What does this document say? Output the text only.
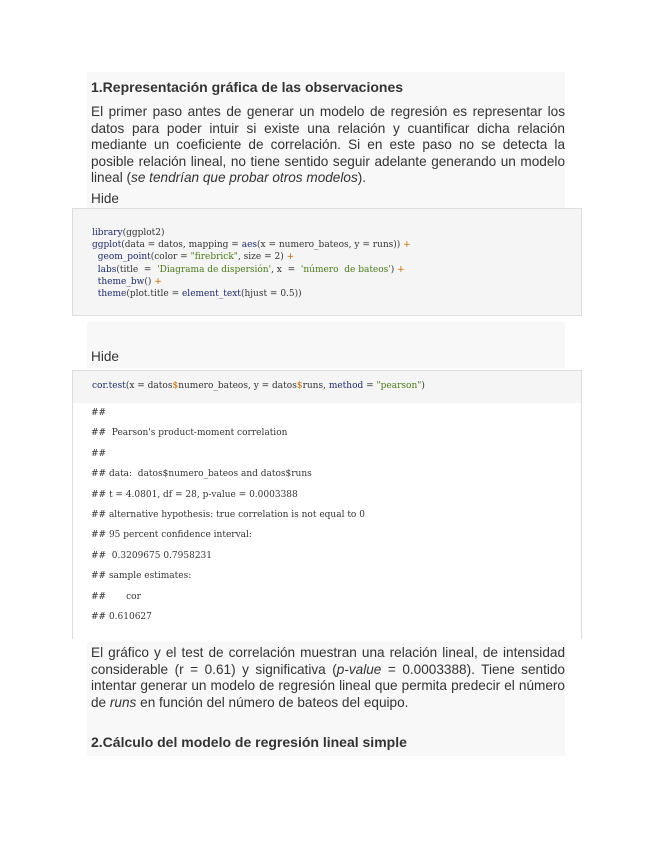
1.Representación gráfica de las observaciones

El primer paso antes de generar un modelo de regresión es representar los datos para poder intuir si existe una relación y cuantificar dicha relación mediante un coeficiente de correlación. Si en este paso no se detecta la posible relación lineal, no tiene sentido seguir adelante generando un modelo lineal (se tendrían que probar otros modelos).

Hide
library(ggplot2)
ggplot(data = datos, mapping = aes(x = numero_bateos, y = runs)) +
geom_point(color = "firebrick", size = 2) +
labs(title  =  'Diagrama de dispersión', x  =  'número  de bateos') +
theme_bw() +
theme(plot.title = element_text(hjust = 0.5))
Hide
cor.test(x = datos$numero_bateos, y = datos$runs, method = "pearson")
##
##  Pearson's product-moment correlation
##
## data:  datos$numero_bateos and datos$runs
## t = 4.0801, df = 28, p-value = 0.0003388
## alternative hypothesis: true correlation is not equal to 0
## 95 percent confidence interval:
##  0.3209675 0.7958231
## sample estimates:
##       cor
## 0.610627

El gráfico y el test de correlación muestran una relación lineal, de intensidad considerable (r = 0.61) y significativa (p-value = 0.0003388). Tiene sentido intentar generar un modelo de regresión lineal que permita predecir el número de runs en función del número de bateos del equipo.

2.Cálculo del modelo de regresión lineal simple
